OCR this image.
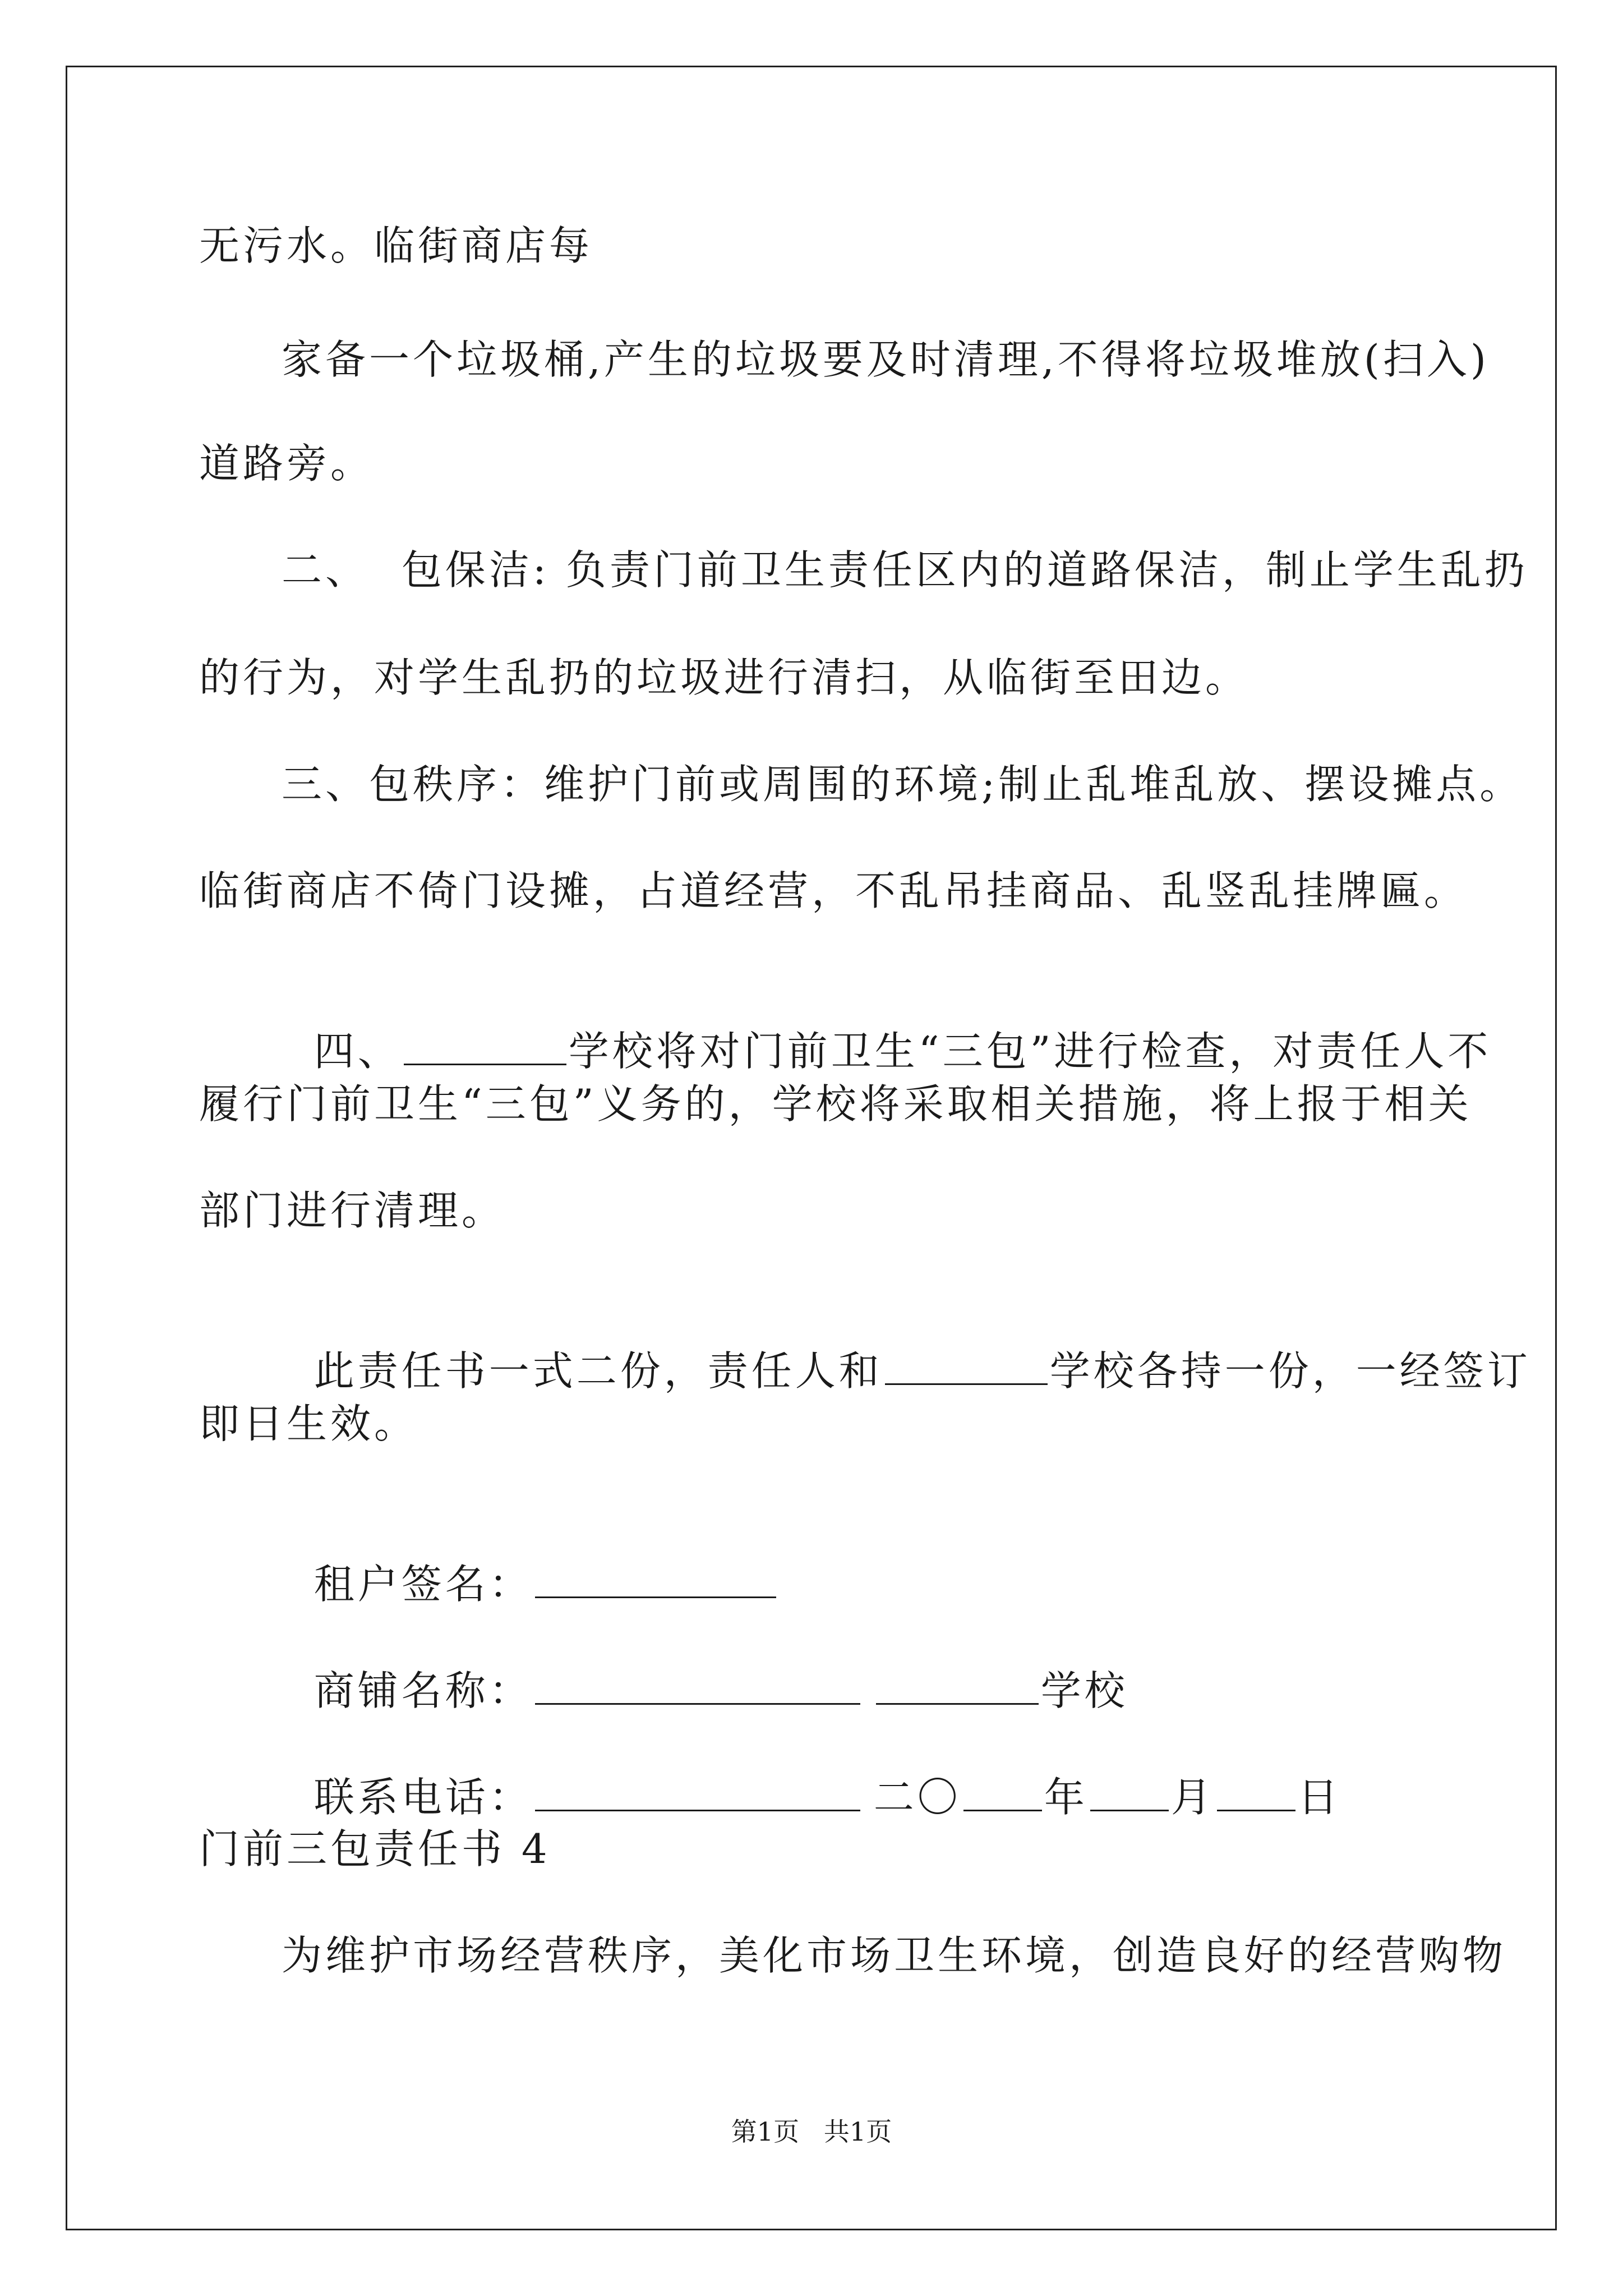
无污水。临街商店每
家备一个垃圾桶,产生的垃圾要及时清理,不得将垃圾堆放(扫入)
道路旁。
二、  包保洁: 负责门前卫生责任区内的道路保洁，制止学生乱扔
的行为，对学生乱扔的垃圾进行清扫，从临街至田边。
三、包秩序：维护门前或周围的环境;制止乱堆乱放、摆设摊点。
临街商店不倚门设摊，占道经营，不乱吊挂商品、乱竖乱挂牌匾。

四、	学校将对门前卫生“三包”进行检查，对责任人不

履行门前卫生“三包”义务的，学校将采取相关措施，将上报于相关
部门进行清理。

此责任书一式二份，责任人和	学校各持一份，一经签订

即日生效。

租户签名：

商铺名称：	学校

联系电话：	二〇 年 月 日

门前三包责任书 4
为维护市场经营秩序，美化市场卫生环境，创造良好的经营购物
第1页   共1页
